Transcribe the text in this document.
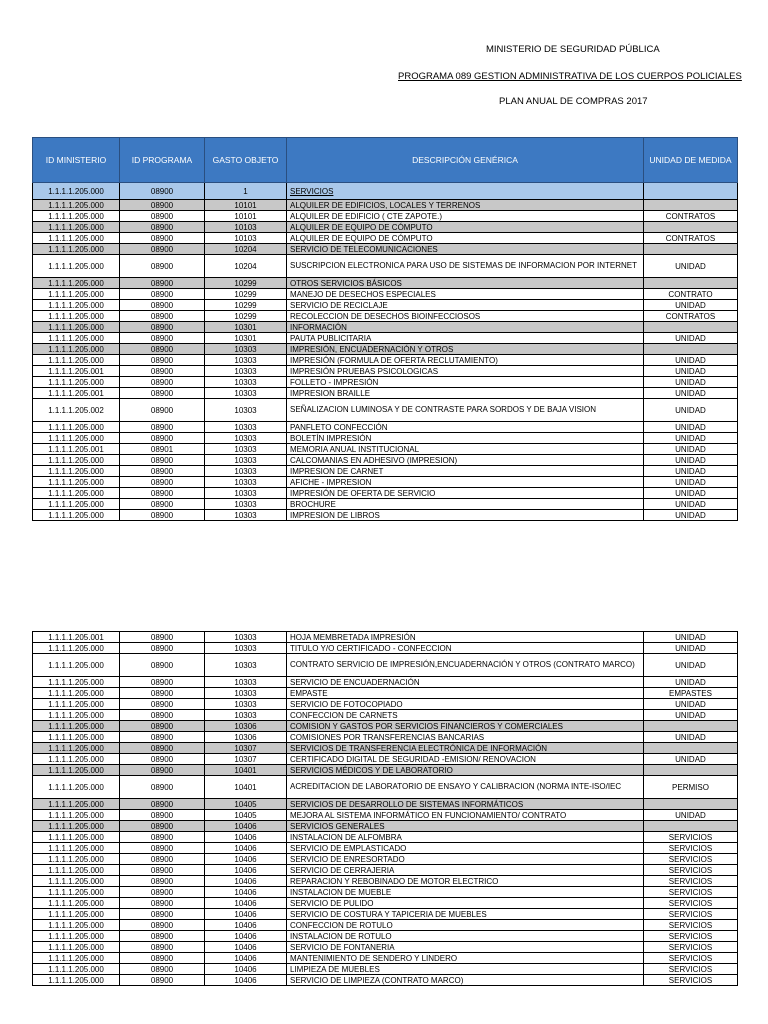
MINISTERIO DE SEGURIDAD PÚBLICA
PROGRAMA 089 GESTION ADMINISTRATIVA DE LOS CUERPOS POLICIALES
PLAN ANUAL DE COMPRAS 2017
ID MINISTERIO	ID PROGRAMA	GASTO OBJETO	DESCRIPCIÓN GENÉRICA	UNIDAD DE MEDIDA
1.1.1.1.205.000	08900	1	SERVICIOS	
1.1.1.1.205.000	08900	10101	ALQUILER DE EDIFICIOS, LOCALES Y TERRENOS	
1.1.1.1.205.000	08900	10101	ALQUILER DE EDIFICIO ( CTE ZAPOTE.)	CONTRATOS
1.1.1.1.205.000	08900	10103	ALQUILER DE EQUIPO DE CÓMPUTO	
1.1.1.1.205.000	08900	10103	ALQUILER DE EQUIPO DE CÓMPUTO	CONTRATOS
1.1.1.1.205.000	08900	10204	SERVICIO DE TELECOMUNICACIONES	
1.1.1.1.205.000	08900	10204	SUSCRIPCION ELECTRONICA PARA USO DE SISTEMAS DE INFORMACION POR INTERNET	UNIDAD
1.1.1.1.205.000	08900	10299	OTROS SERVICIOS BÁSICOS	
1.1.1.1.205.000	08900	10299	MANEJO DE DESECHOS ESPECIALES	CONTRATO
1.1.1.1.205.000	08900	10299	SERVICIO DE RECICLAJE	UNIDAD
1.1.1.1.205.000	08900	10299	RECOLECCION DE DESECHOS BIOINFECCIOSOS	CONTRATOS
1.1.1.1.205.000	08900	10301	INFORMACIÓN	
1.1.1.1.205.000	08900	10301	PAUTA PUBLICITARIA	UNIDAD
1.1.1.1.205.000	08900	10303	IMPRESIÓN, ENCUADERNACIÓN Y OTROS	
1.1.1.1.205.000	08900	10303	IMPRESIÓN (FORMULA DE OFERTA RECLUTAMIENTO)	UNIDAD
1.1.1.1.205.001	08900	10303	IMPRESIÓN PRUEBAS PSICOLOGICAS	UNIDAD
1.1.1.1.205.000	08900	10303	FOLLETO - IMPRESIÓN	UNIDAD
1.1.1.1.205.001	08900	10303	IMPRESION BRAILLE	UNIDAD
1.1.1.1.205.002	08900	10303	SEÑALIZACION LUMINOSA Y DE CONTRASTE PARA SORDOS Y DE BAJA VISION	UNIDAD
1.1.1.1.205.000	08900	10303	PANFLETO CONFECCIÓN	UNIDAD
1.1.1.1.205.000	08900	10303	BOLETÍN IMPRESIÓN	UNIDAD
1.1.1.1.205.001	08901	10303	MEMORIA ANUAL INSTITUCIONAL	UNIDAD
1.1.1.1.205.000	08900	10303	CALCOMANIAS EN ADHESIVO (IMPRESION)	UNIDAD
1.1.1.1.205.000	08900	10303	IMPRESION DE CARNET	UNIDAD
1.1.1.1.205.000	08900	10303	AFICHE - IMPRESION	UNIDAD
1.1.1.1.205.000	08900	10303	IMPRESIÓN DE OFERTA DE SERVICIO	UNIDAD
1.1.1.1.205.000	08900	10303	BROCHURE	UNIDAD
1.1.1.1.205.000	08900	10303	IMPRESION DE LIBROS	UNIDAD
1.1.1.1.205.001	08900	10303	HOJA MEMBRETADA IMPRESIÓN	UNIDAD
1.1.1.1.205.000	08900	10303	TITULO Y/O CERTIFICADO - CONFECCION	UNIDAD
1.1.1.1.205.000	08900	10303	CONTRATO SERVICIO DE IMPRESIÓN,ENCUADERNACIÓN Y OTROS (CONTRATO MARCO)	UNIDAD
1.1.1.1.205.000	08900	10303	SERVICIO DE ENCUADERNACIÓN	UNIDAD
1.1.1.1.205.000	08900	10303	EMPASTE	EMPASTES
1.1.1.1.205.000	08900	10303	SERVICIO DE FOTOCOPIADO	UNIDAD
1.1.1.1.205.000	08900	10303	CONFECCION DE CARNETS	UNIDAD
1.1.1.1.205.000	08900	10306	COMISION Y GASTOS POR SERVICIOS FINANCIEROS Y COMERCIALES	
1.1.1.1.205.000	08900	10306	COMISIONES POR TRANSFERENCIAS BANCARIAS	UNIDAD
1.1.1.1.205.000	08900	10307	SERVICIOS DE TRANSFERENCIA ELECTRÓNICA DE INFORMACIÓN	
1.1.1.1.205.000	08900	10307	CERTIFICADO DIGITAL DE SEGURIDAD -EMISION/ RENOVACION	UNIDAD
1.1.1.1.205.000	08900	10401	SERVICIOS MÉDICOS Y DE LABORATORIO	
1.1.1.1.205.000	08900	10401	ACREDITACION DE LABORATORIO DE ENSAYO Y CALIBRACION (NORMA INTE-ISO/IEC	PERMISO
1.1.1.1.205.000	08900	10405	SERVICIOS DE DESARROLLO DE SISTEMAS INFORMÁTICOS	
1.1.1.1.205.000	08900	10405	MEJORA AL SISTEMA INFORMÁTICO EN FUNCIONAMIENTO/ CONTRATO	UNIDAD
1.1.1.1.205.000	08900	10406	SERVICIOS GENERALES	
1.1.1.1.205.000	08900	10406	INSTALACION DE ALFOMBRA	SERVICIOS
1.1.1.1.205.000	08900	10406	SERVICIO DE EMPLASTICADO	SERVICIOS
1.1.1.1.205.000	08900	10406	SERVICIO DE ENRESORTADO	SERVICIOS
1.1.1.1.205.000	08900	10406	SERVICIO DE CERRAJERIA	SERVICIOS
1.1.1.1.205.000	08900	10406	REPARACION Y REBOBINADO DE MOTOR ELECTRICO	SERVICIOS
1.1.1.1.205.000	08900	10406	INSTALACION DE MUEBLE	SERVICIOS
1.1.1.1.205.000	08900	10406	SERVICIO DE PULIDO	SERVICIOS
1.1.1.1.205.000	08900	10406	SERVICIO DE COSTURA Y TAPICERIA DE MUEBLES	SERVICIOS
1.1.1.1.205.000	08900	10406	CONFECCION DE ROTULO	SERVICIOS
1.1.1.1.205.000	08900	10406	INSTALACION DE ROTULO	SERVICIOS
1.1.1.1.205.000	08900	10406	SERVICIO DE FONTANERIA	SERVICIOS
1.1.1.1.205.000	08900	10406	MANTENIMIENTO DE SENDERO Y LINDERO	SERVICIOS
1.1.1.1.205.000	08900	10406	LIMPIEZA DE MUEBLES	SERVICIOS
1.1.1.1.205.000	08900	10406	SERVICIO DE LIMPIEZA (CONTRATO MARCO)	SERVICIOS
